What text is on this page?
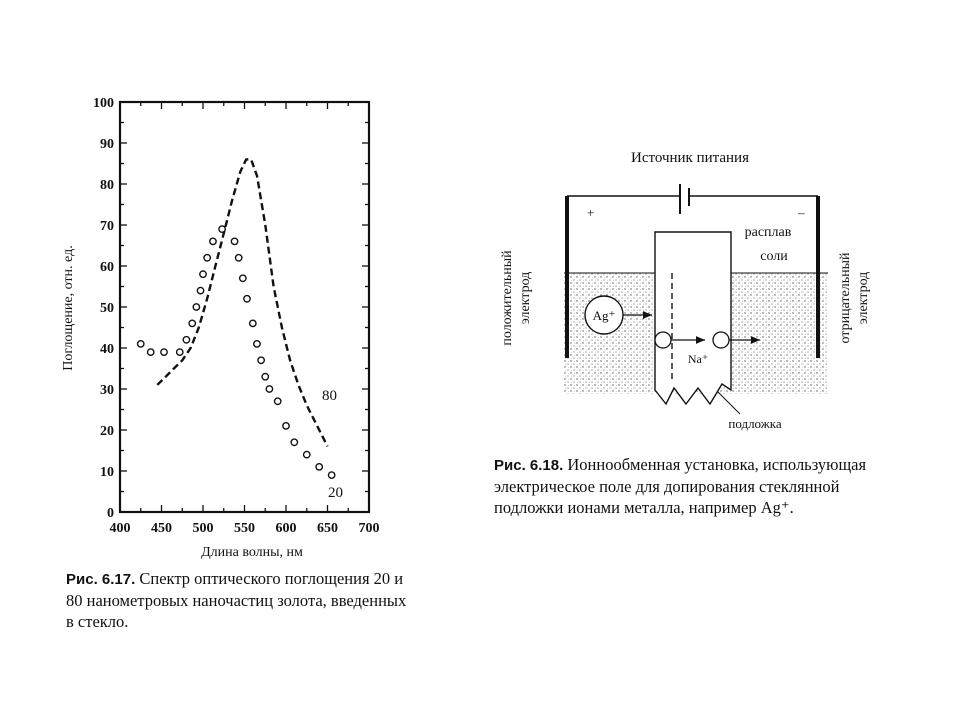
0
10
20
30
40
50
60
70
80
90
100
400 450 500 550 600 650 700
80
20
Длина волны, нм
Поглощение, отн. ед.
Рис. 6.17. Спектр оптического поглощения 20 и 80 нанометровых наночастиц золота, введенных в стекло.
Источник питания
+	–
расплав
соли
положительный электрод	отрицательный электрод
Ag⁺
Na⁺
подложка
Рис. 6.18. Ионнообменная установка, использующая электрическое поле для допирования стеклянной подложки ионами металла, например Ag⁺.
